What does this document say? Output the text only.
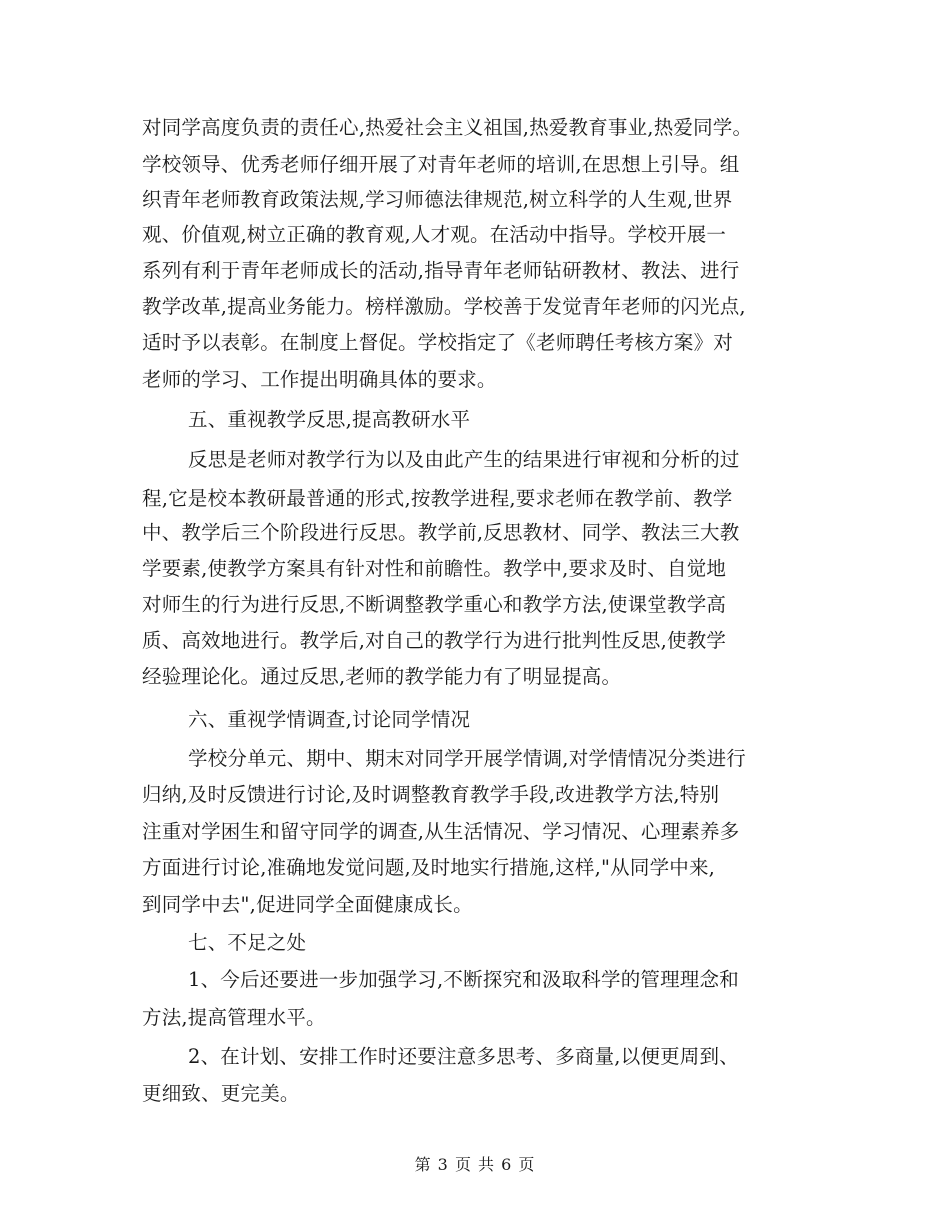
对同学高度负责的责任心,热爱社会主义祖国,热爱教育事业,热爱同学。
学校领导、优秀老师仔细开展了对青年老师的培训,在思想上引导。组
织青年老师教育政策法规,学习师德法律规范,树立科学的人生观,世界
观、价值观,树立正确的教育观,人才观。在活动中指导。学校开展一
系列有利于青年老师成长的活动,指导青年老师钻研教材、教法、进行
教学改革,提高业务能力。榜样激励。学校善于发觉青年老师的闪光点,
适时予以表彰。在制度上督促。学校指定了《老师聘任考核方案》对
老师的学习、工作提出明确具体的要求。
五、重视教学反思,提高教研水平
反思是老师对教学行为以及由此产生的结果进行审视和分析的过
程,它是校本教研最普通的形式,按教学进程,要求老师在教学前、教学
中、教学后三个阶段进行反思。教学前,反思教材、同学、教法三大教
学要素,使教学方案具有针对性和前瞻性。教学中,要求及时、自觉地
对师生的行为进行反思,不断调整教学重心和教学方法,使课堂教学高
质、高效地进行。教学后,对自己的教学行为进行批判性反思,使教学
经验理论化。通过反思,老师的教学能力有了明显提高。
六、重视学情调查,讨论同学情况
学校分单元、期中、期末对同学开展学情调,对学情情况分类进行
归纳,及时反馈进行讨论,及时调整教育教学手段,改进教学方法,特别
注重对学困生和留守同学的调查,从生活情况、学习情况、心理素养多
方面进行讨论,准确地发觉问题,及时地实行措施,这样,"从同学中来,
到同学中去",促进同学全面健康成长。
七、不足之处
1、今后还要进一步加强学习,不断探究和汲取科学的管理理念和
方法,提高管理水平。
2、在计划、安排工作时还要注意多思考、多商量,以便更周到、
更细致、更完美。
第 3 页 共 6 页
